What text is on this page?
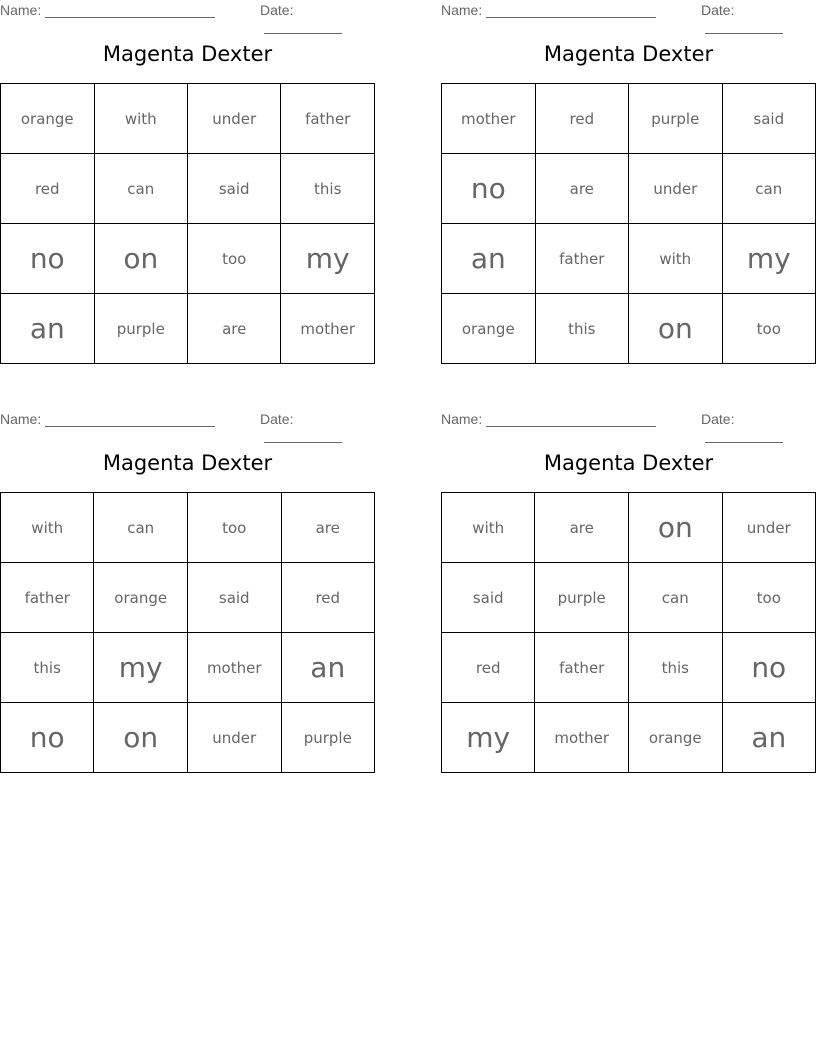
Name:	Date:
Magenta Dexter
orange	with	under	father
red	can	said	this
no	on	too	my
an	purple	are	mother
Name:	Date:
Magenta Dexter
mother	red	purple	said
no	are	under	can
an	father	with	my
orange	this	on	too
Name:	Date:
Magenta Dexter
with	can	too	are
father	orange	said	red
this	my	mother	an
no	on	under	purple
Name:	Date:
Magenta Dexter
with	are	on	under
said	purple	can	too
red	father	this	no
my	mother	orange	an
